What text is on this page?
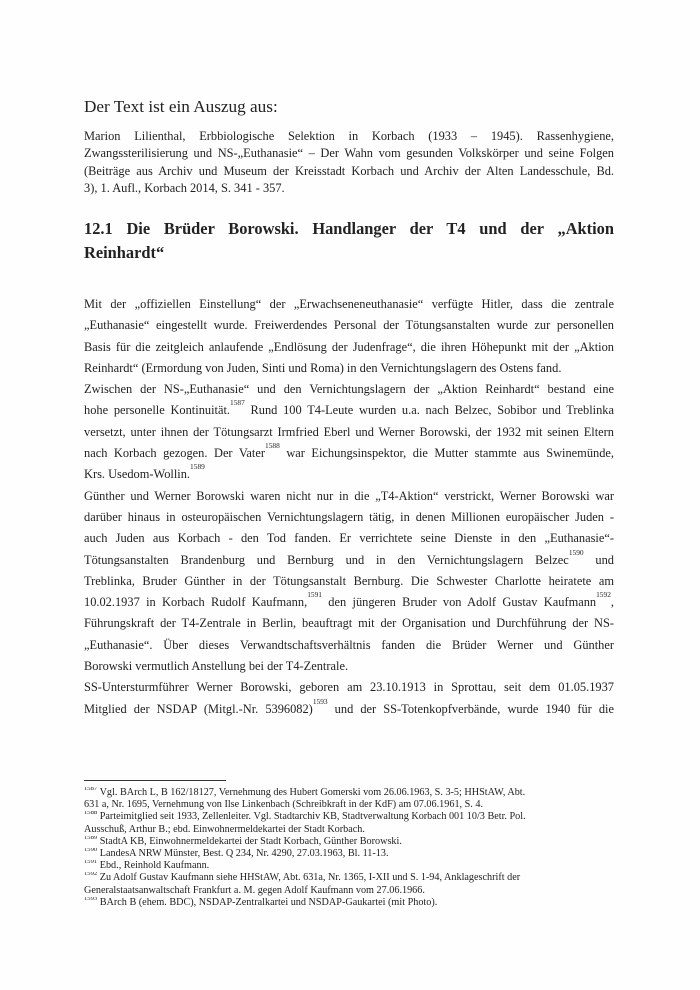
Der Text ist ein Auszug aus:
Marion Lilienthal, Erbbiologische Selektion in Korbach (1933 – 1945). Rassenhygiene,
Zwangssterilisierung und NS-„Euthanasie“ – Der Wahn vom gesunden Volkskörper und seine Folgen
(Beiträge aus Archiv und Museum der Kreisstadt Korbach und Archiv der Alten Landesschule, Bd.
3), 1. Aufl., Korbach 2014, S. 341 - 357.
12.1 Die Brüder Borowski. Handlanger der T4 und der „Aktion
Reinhardt“
Mit der „offiziellen Einstellung“ der „Erwachseneneuthanasie“ verfügte Hitler, dass die zentrale
„Euthanasie“ eingestellt wurde. Freiwerdendes Personal der Tötungsanstalten wurde zur personellen
Basis für die zeitgleich anlaufende „Endlösung der Judenfrage“, die ihren Höhepunkt mit der „Aktion
Reinhardt“ (Ermordung von Juden, Sinti und Roma) in den Vernichtungslagern des Ostens fand.
Zwischen der NS-„Euthanasie“ und den Vernichtungslagern der „Aktion Reinhardt“ bestand eine
hohe personelle Kontinuität.$^{1587}$ Rund 100 T4-Leute wurden u.a. nach Belzec, Sobibor und Treblinka
versetzt, unter ihnen der Tötungsarzt Irmfried Eberl und Werner Borowski, der 1932 mit seinen Eltern
nach Korbach gezogen. Der Vater$^{1588}$ war Eichungsinspektor, die Mutter stammte aus Swinemünde,
Krs. Usedom-Wollin.$^{1589}$
Günther und Werner Borowski waren nicht nur in die „T4-Aktion“ verstrickt, Werner Borowski war
darüber hinaus in osteuropäischen Vernichtungslagern tätig, in denen Millionen europäischer Juden -
auch Juden aus Korbach - den Tod fanden. Er verrichtete seine Dienste in den „Euthanasie“-
Tötungsanstalten Brandenburg und Bernburg und in den Vernichtungslagern Belzec$^{1590}$ und
Treblinka, Bruder Günther in der Tötungsanstalt Bernburg. Die Schwester Charlotte heiratete am
10.02.1937 in Korbach Rudolf Kaufmann,$^{1591}$ den jüngeren Bruder von Adolf Gustav Kaufmann$^{1592}$,
Führungskraft der T4-Zentrale in Berlin, beauftragt mit der Organisation und Durchführung der NS-
„Euthanasie“. Über dieses Verwandtschaftsverhältnis fanden die Brüder Werner und Günther
Borowski vermutlich Anstellung bei der T4-Zentrale.
SS-Untersturmführer Werner Borowski, geboren am 23.10.1913 in Sprottau, seit dem 01.05.1937
Mitglied der NSDAP (Mitgl.-Nr. 5396082)$^{1593}$ und der SS-Totenkopfverbände, wurde 1940 für die
$^{1587}$ Vgl. BArch L, B 162/18127, Vernehmung des Hubert Gomerski vom 26.06.1963, S. 3-5; HHStAW, Abt.
631 a, Nr. 1695, Vernehmung von Ilse Linkenbach (Schreibkraft in der KdF) am 07.06.1961, S. 4.
$^{1588}$ Parteimitglied seit 1933, Zellenleiter. Vgl. Stadtarchiv KB, Stadtverwaltung Korbach 001 10/3 Betr. Pol.
Ausschuß, Arthur B.; ebd. Einwohnermeldekartei der Stadt Korbach.
$^{1589}$ StadtA KB, Einwohnermeldekartei der Stadt Korbach, Günther Borowski.
$^{1590}$ LandesA NRW Münster, Best. Q 234, Nr. 4290, 27.03.1963, Bl. 11-13.
$^{1591}$ Ebd., Reinhold Kaufmann.
$^{1592}$ Zu Adolf Gustav Kaufmann siehe HHStAW, Abt. 631a, Nr. 1365, I-XII und S. 1-94, Anklageschrift der
Generalstaatsanwaltschaft Frankfurt a. M. gegen Adolf Kaufmann vom 27.06.1966.
$^{1593}$ BArch B (ehem. BDC), NSDAP-Zentralkartei und NSDAP-Gaukartei (mit Photo).
